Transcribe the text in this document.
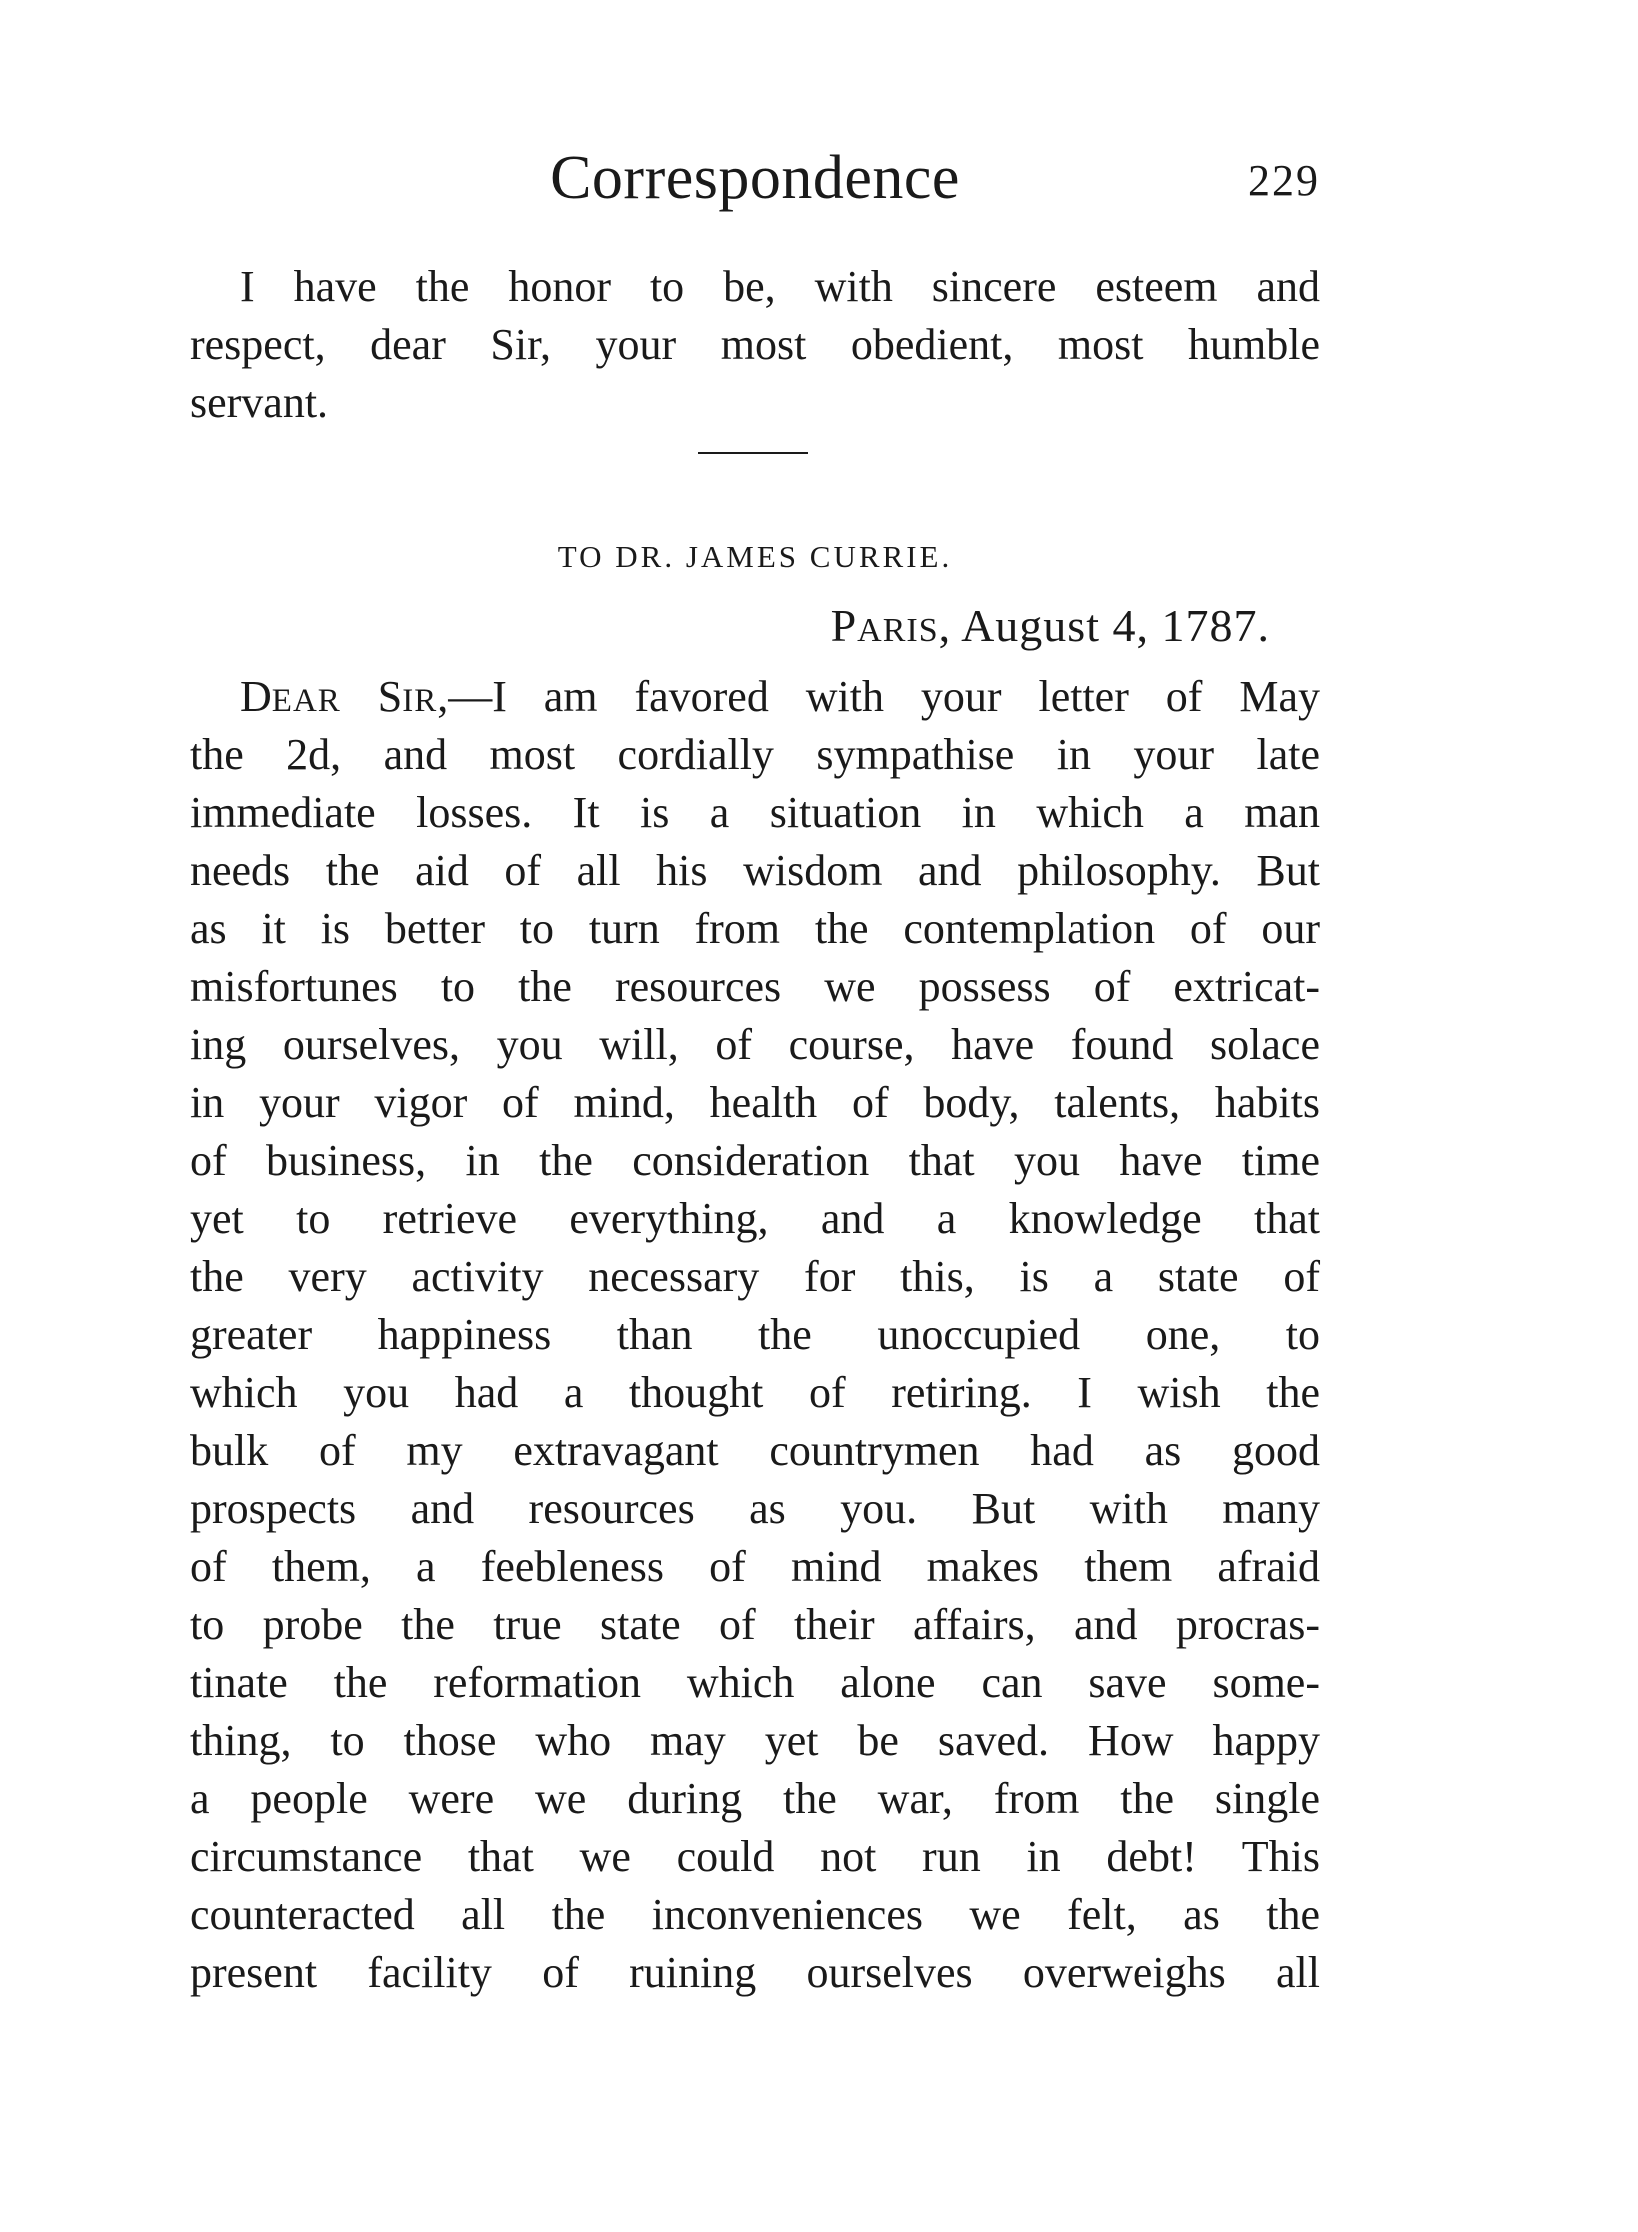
Correspondence	229
I have the honor to be, with sincere esteem and
respect, dear Sir, your most obedient, most humble
servant.
TO DR. JAMES CURRIE.
PARIS, August 4, 1787.
DEAR SIR,—I am favored with your letter of May
the 2d, and most cordially sympathise in your late
immediate losses. It is a situation in which a man
needs the aid of all his wisdom and philosophy. But
as it is better to turn from the contemplation of our
misfortunes to the resources we possess of extricat-
ing ourselves, you will, of course, have found solace
in your vigor of mind, health of body, talents, habits
of business, in the consideration that you have time
yet to retrieve everything, and a knowledge that
the very activity necessary for this, is a state of
greater happiness than the unoccupied one, to
which you had a thought of retiring. I wish the
bulk of my extravagant countrymen had as good
prospects and resources as you. But with many
of them, a feebleness of mind makes them afraid
to probe the true state of their affairs, and procras-
tinate the reformation which alone can save some-
thing, to those who may yet be saved. How happy
a people were we during the war, from the single
circumstance that we could not run in debt! This
counteracted all the inconveniences we felt, as the
present facility of ruining ourselves overweighs all
